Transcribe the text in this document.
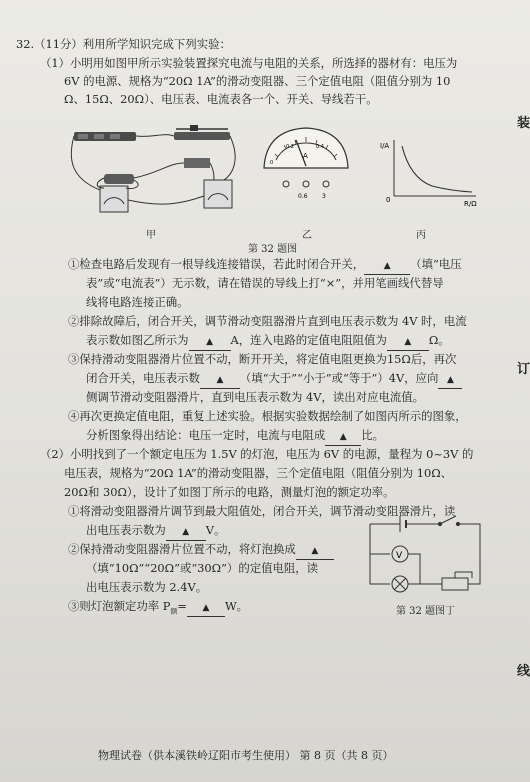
32.（11分）利用所学知识完成下列实验：
（1）小明用如图甲所示实验装置探究电流与电阻的关系，所选择的器材有：电压为
6V 的电源、规格为“20Ω 1A”的滑动变阻器、三个定值电阻（阻值分别为 10
Ω、15Ω、20Ω）、电压表、电流表各一个、开关、导线若干。
甲
0.2	0.4
0
A
0.6 3
乙
I/A
R/Ω
0
丙
第 32 题图
①检查电路后发现有一根导线连接错误，若此时闭合开关， ▲ （填“电压
表”或“电流表”）无示数，请在错误的导线上打“×”，并用笔画线代替导
线将电路连接正确。
②排除故障后，闭合开关，调节滑动变阻器滑片直到电压表示数为 4V 时，电流
表示数如图乙所示为 ▲ A，连入电路的定值电阻阻值为 ▲ Ω。
③保持滑动变阻器滑片位置不动，断开开关，将定值电阻更换为15Ω后，再次
闭合开关，电压表示数 ▲ （填“大于”“小于”或“等于”）4V，应向 ▲
侧调节滑动变阻器滑片，直到电压表示数为 4V，读出对应电流值。
④再次更换定值电阻，重复上述实验。根据实验数据绘制了如图丙所示的图象，
分析图象得出结论：电压一定时，电流与电阻成 ▲ 比。
（2）小明找到了一个额定电压为 1.5V 的灯泡，电压为 6V 的电源，量程为 0~3V 的
电压表，规格为“20Ω 1A”的滑动变阻器，三个定值电阻（阻值分别为 10Ω、
20Ω和 30Ω），设计了如图丁所示的电路，测量灯泡的额定功率。
①将滑动变阻器滑片调节到最大阻值处，闭合开关，调节滑动变阻器滑片，读
出电压表示数为 ▲ V。
②保持滑动变阻器滑片位置不动，将灯泡换成 ▲
（填“10Ω”“20Ω”或“30Ω”）的定值电阻，读
出电压表示数为 2.4V。
③则灯泡额定功率 $P_额=$ ▲ W。
V
第 32 题图丁
装
订
线
物理试卷（供本溪铁岭辽阳市考生使用） 第 8 页（共 8 页）
